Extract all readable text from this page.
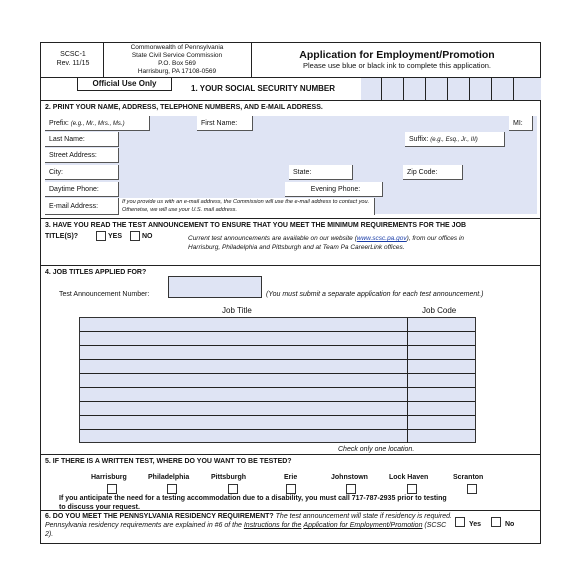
SCSC-1
Rev. 11/15
Commonwealth of Pennsylvania
State Civil Service Commission
P.O. Box 569
Harrisburg, PA 17108-0569
Application for Employment/Promotion
Please use blue or black ink to complete this application.
Official Use Only
1. YOUR SOCIAL SECURITY NUMBER
2. PRINT YOUR NAME, ADDRESS, TELEPHONE NUMBERS, AND E-MAIL ADDRESS.
Prefix: (e.g., Mr., Mrs., Ms.)	First Name:	MI:
Last Name:	Suffix: (e.g., Esq., Jr., III)
Street Address:
City:	State:	Zip Code:
Daytime Phone:	Evening Phone:
E-mail Address:
If you provide us with an e-mail address, the Commission will use the e-mail address to contact you. Otherwise, we will use your U.S. mail address.
3. HAVE YOU READ THE TEST ANNOUNCEMENT TO ENSURE THAT YOU MEET THE MINIMUM REQUIREMENTS FOR THE JOB
TITLE(S)?	YES	NO	Current test announcements are available on our website (www.scsc.pa.gov), from our offices in Harrisburg, Philadelphia and Pittsburgh and at Team Pa CareerLink offices.
4. JOB TITLES APPLIED FOR?
Test Announcement Number:	(You must submit a separate application for each test announcement.)
Job Title	Job Code
Check only one location.
5. IF THERE IS A WRITTEN TEST, WHERE DO YOU WANT TO BE TESTED?
Harrisburg	Philadelphia	Pittsburgh	Erie	Johnstown	Lock Haven	Scranton
If you anticipate the need for a testing accommodation due to a disability, you must call 717-787-2935 prior to testing
to discuss your request.
6. DO YOU MEET THE PENNSYLVANIA RESIDENCY REQUIREMENT? The test announcement will state if residency is required. Pennsylvania residency requirements are explained in #6 of the Instructions for the Application for Employment/Promotion (SCSC 2).
Yes	No
